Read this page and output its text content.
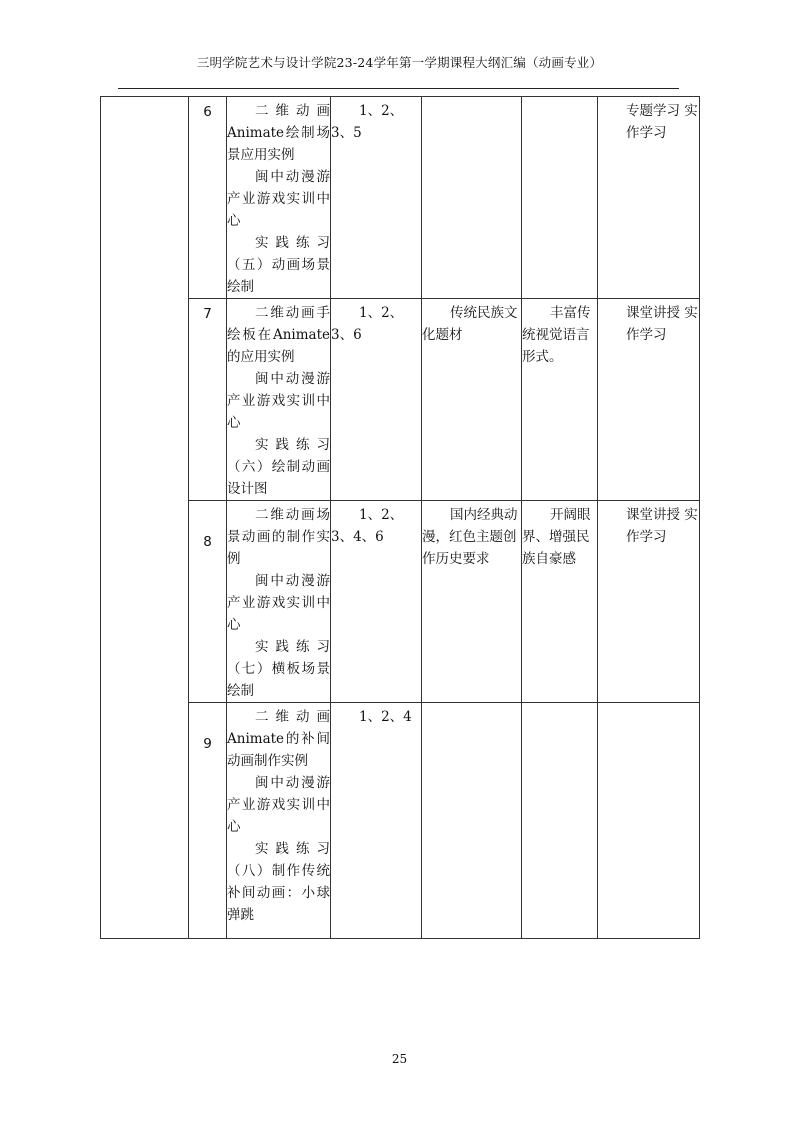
三明学院艺术与设计学院23-24学年第一学期课程大纲汇编（动画专业）
	6	二维动画Animate绘制场景应用实例

闽中动漫游产业游戏实训中心

实践练习（五）动画场景绘制	1、2、3、5			专题学习 实作学习

	7	二维动画手绘板在Animate的应用实例

闽中动漫游产业游戏实训中心

实践练习（六）绘制动画设计图	1、2、3、6	传统民族文化题材	丰富传统视觉语言形式。	课堂讲授 实作学习

	8	二维动画场景动画的制作实例

闽中动漫游产业游戏实训中心

实践练习（七）横板场景绘制	1、2、3、4、6	国内经典动漫，红色主题创作历史要求	开阔眼界、增强民族自豪感	课堂讲授 实作学习

	9	二维动画Animate的补间动画制作实例

闽中动漫游产业游戏实训中心

实践练习（八）制作传统补间动画：小球弹跳	1、2、4			

25
